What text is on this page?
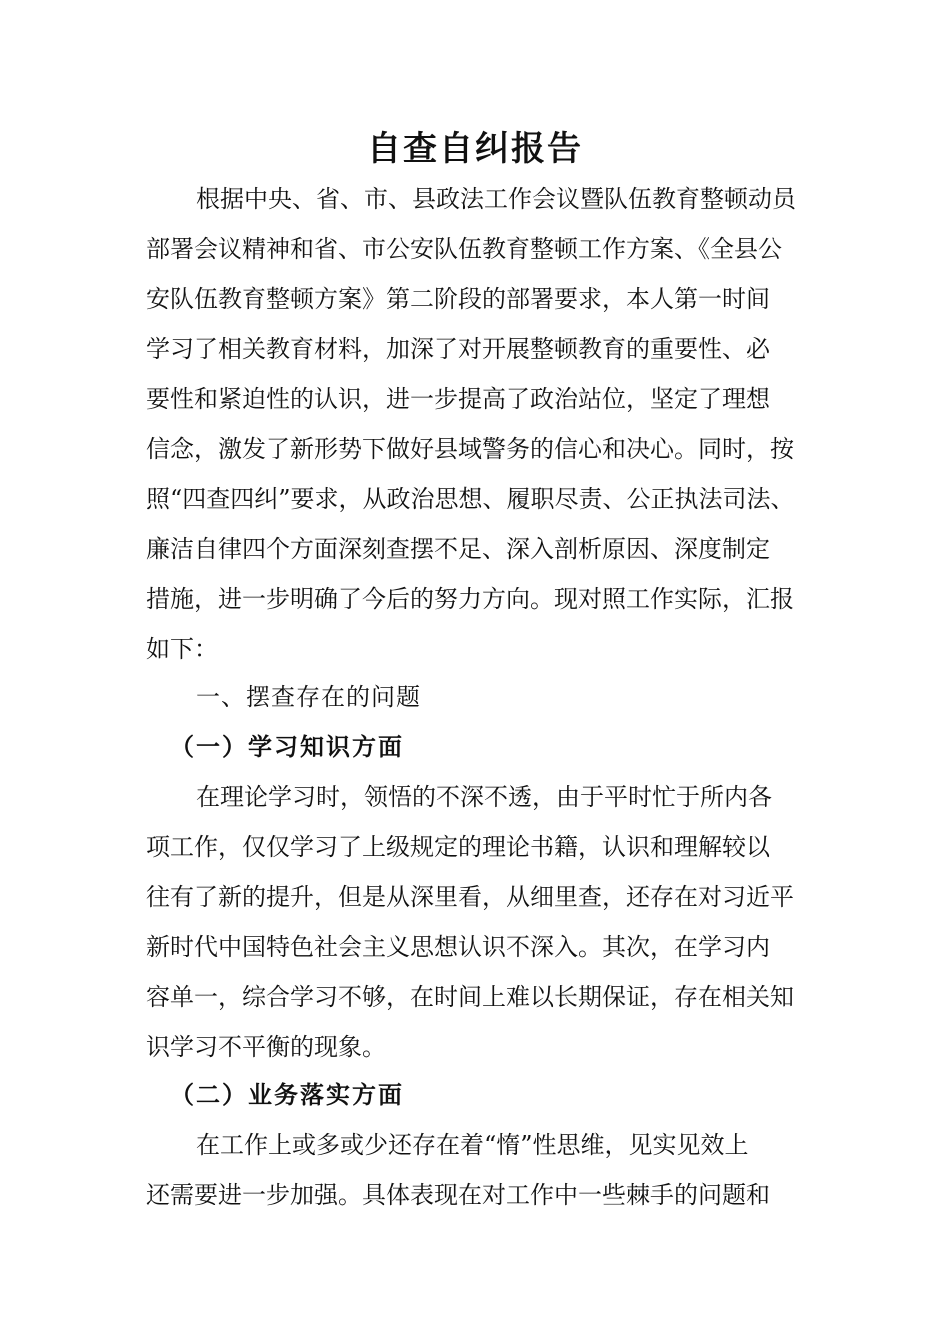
自查自纠报告
根据中央、省、市、县政法工作会议暨队伍教育整顿动员
部署会议精神和省、市公安队伍教育整顿工作方案、《全县公
安队伍教育整顿方案》第二阶段的部署要求，本人第一时间
学习了相关教育材料，加深了对开展整顿教育的重要性、必
要性和紧迫性的认识，进一步提高了政治站位，坚定了理想
信念，激发了新形势下做好县域警务的信心和决心。同时，按
照“四查四纠”要求，从政治思想、履职尽责、公正执法司法、
廉洁自律四个方面深刻查摆不足、深入剖析原因、深度制定
措施，进一步明确了今后的努力方向。现对照工作实际，汇报
如下：
一、摆查存在的问题
（一）学习知识方面
在理论学习时，领悟的不深不透，由于平时忙于所内各
项工作，仅仅学习了上级规定的理论书籍，认识和理解较以
往有了新的提升，但是从深里看，从细里查，还存在对习近平
新时代中国特色社会主义思想认识不深入。其次，在学习内
容单一，综合学习不够，在时间上难以长期保证，存在相关知
识学习不平衡的现象。
（二）业务落实方面
在工作上或多或少还存在着“惰”性思维，见实见效上
还需要进一步加强。具体表现在对工作中一些棘手的问题和
